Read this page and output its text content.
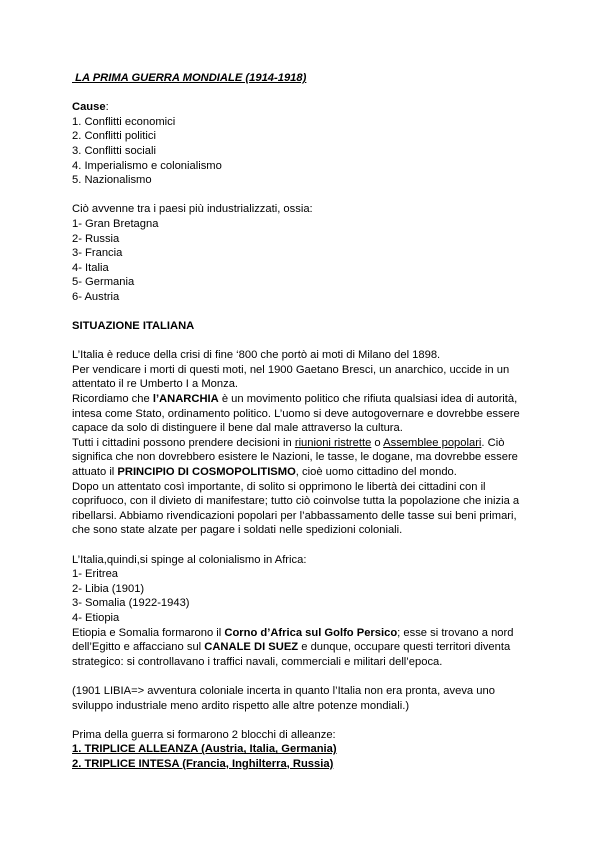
LA PRIMA GUERRA MONDIALE (1914-1918)
Cause:
1. Conflitti economici
2. Conflitti politici
3. Conflitti sociali
4. Imperialismo e colonialismo
5. Nazionalismo
Ciò avvenne tra i paesi più industrializzati, ossia:
1- Gran Bretagna
2- Russia
3- Francia
4- Italia
5- Germania
6- Austria
SITUAZIONE ITALIANA
L’Italia è reduce della crisi di fine ‘800 che portò ai moti di Milano del 1898.
Per vendicare i morti di questi moti, nel 1900 Gaetano Bresci, un anarchico, uccide in un
attentato il re Umberto I a Monza.
Ricordiamo che l’ANARCHIA è un movimento politico che rifiuta qualsiasi idea di autorità,
intesa come Stato, ordinamento politico. L’uomo si deve autogovernare e dovrebbe essere
capace da solo di distinguere il bene dal male attraverso la cultura.
Tutti i cittadini possono prendere decisioni in riunioni ristrette o Assemblee popolari. Ciò
significa che non dovrebbero esistere le Nazioni, le tasse, le dogane, ma dovrebbe essere
attuato il PRINCIPIO DI COSMOPOLITISMO, cioè uomo cittadino del mondo.
Dopo un attentato così importante, di solito si opprimono le libertà dei cittadini con il
coprifuoco, con il divieto di manifestare; tutto ciò coinvolse tutta la popolazione che inizia a
ribellarsi. Abbiamo rivendicazioni popolari per l’abbassamento delle tasse sui beni primari,
che sono state alzate per pagare i soldati nelle spedizioni coloniali.
L’Italia,quindi,si spinge al colonialismo in Africa:
1- Eritrea
2- Libia (1901)
3- Somalia (1922-1943)
4- Etiopia
Etiopia e Somalia formarono il Corno d’Africa sul Golfo Persico; esse si trovano a nord
dell’Egitto e affacciano sul CANALE DI SUEZ e dunque, occupare questi territori diventa
strategico: si controllavano i traffici navali, commerciali e militari dell’epoca.
(1901 LIBIA=> avventura coloniale incerta in quanto l’Italia non era pronta, aveva uno
sviluppo industriale meno ardito rispetto alle altre potenze mondiali.)
Prima della guerra si formarono 2 blocchi di alleanze:
1. TRIPLICE ALLEANZA (Austria, Italia, Germania)
2. TRIPLICE INTESA (Francia, Inghilterra, Russia)
